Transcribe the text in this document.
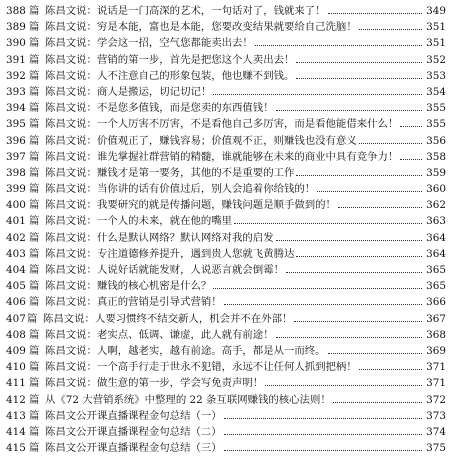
388 篇 陈昌文说：说话是一门高深的艺术，一句话对了，钱就来了！	349
389 篇 陈昌文说：穷是本能，富也是本能，您要改变结果就要给自己洗脑！	351
390 篇 陈昌文说：学会这一招，空气您都能卖出去！	351
391 篇 陈昌文说：营销的第一步，首先是把您这个人卖出去！	352
392 篇 陈昌文说：人不注意自己的形象包装，他也赚不到钱。	353
393 篇 陈昌文说：商人是搬运，切记切记！	354
394 篇 陈昌文说：不是您多值钱，而是您卖的东西值钱！	355
395 篇 陈昌文说：一个人厉害不厉害，不是看他自己多厉害，而是看他能借来什么！	355
396 篇 陈昌文说：价值观正了，赚钱容易；价值观不正，则赚钱也没有意义	356
397 篇 陈昌文说：谁先掌握社群营销的精髓，谁就能够在未来的商业中具有竞争力！	358
398 篇 陈昌文说：赚钱才是第一要务，其他的不是重要的工作	359
399 篇 陈昌文说：当你讲的话有价值过后，别人会追着你给钱的！	360
400 篇 陈昌文说：我要研究的就是传播问题，赚钱问题是顺手做到的！	362
401 篇 陈昌文说：一个人的未来，就在他的嘴里	363
402 篇 陈昌文说：什么是默认网络？默认网络对我的启发	364
403 篇 陈昌文说：专注道德修养提升，遇到贵人您就飞黄腾达	364
404 篇 陈昌文说：人说好话就能发财，人说恶言就会倒霉！	365
405 篇 陈昌文说：赚钱的核心机密是什么？	365
406 篇 陈昌文说：真正的营销是引导式营销！	366
407 篇 陈昌文说：人要习惯终不结交新人，机会并不在外部！	367
408 篇 陈昌文说：老实点、低调、谦虚，此人就有前途！	368
409 篇 陈昌文说：人啊，越老实，越有前途。高手，都是从一而终。	369
410 篇 陈昌文说：一个高手行走于世永不犯错，永远不让任何人抓到把柄！	371
411 篇 陈昌文说：做生意的第一步，学会写免责声明！	371
412 篇 从《72 大营销系统》中整理的 22 条互联网赚钱的核心法则！	372
413 篇 陈昌文公开课直播课程金句总结（一）	373
414 篇 陈昌文公开课直播课程金句总结（二）	374
415 篇 陈昌文公开课直播课程金句总结（三）	375
